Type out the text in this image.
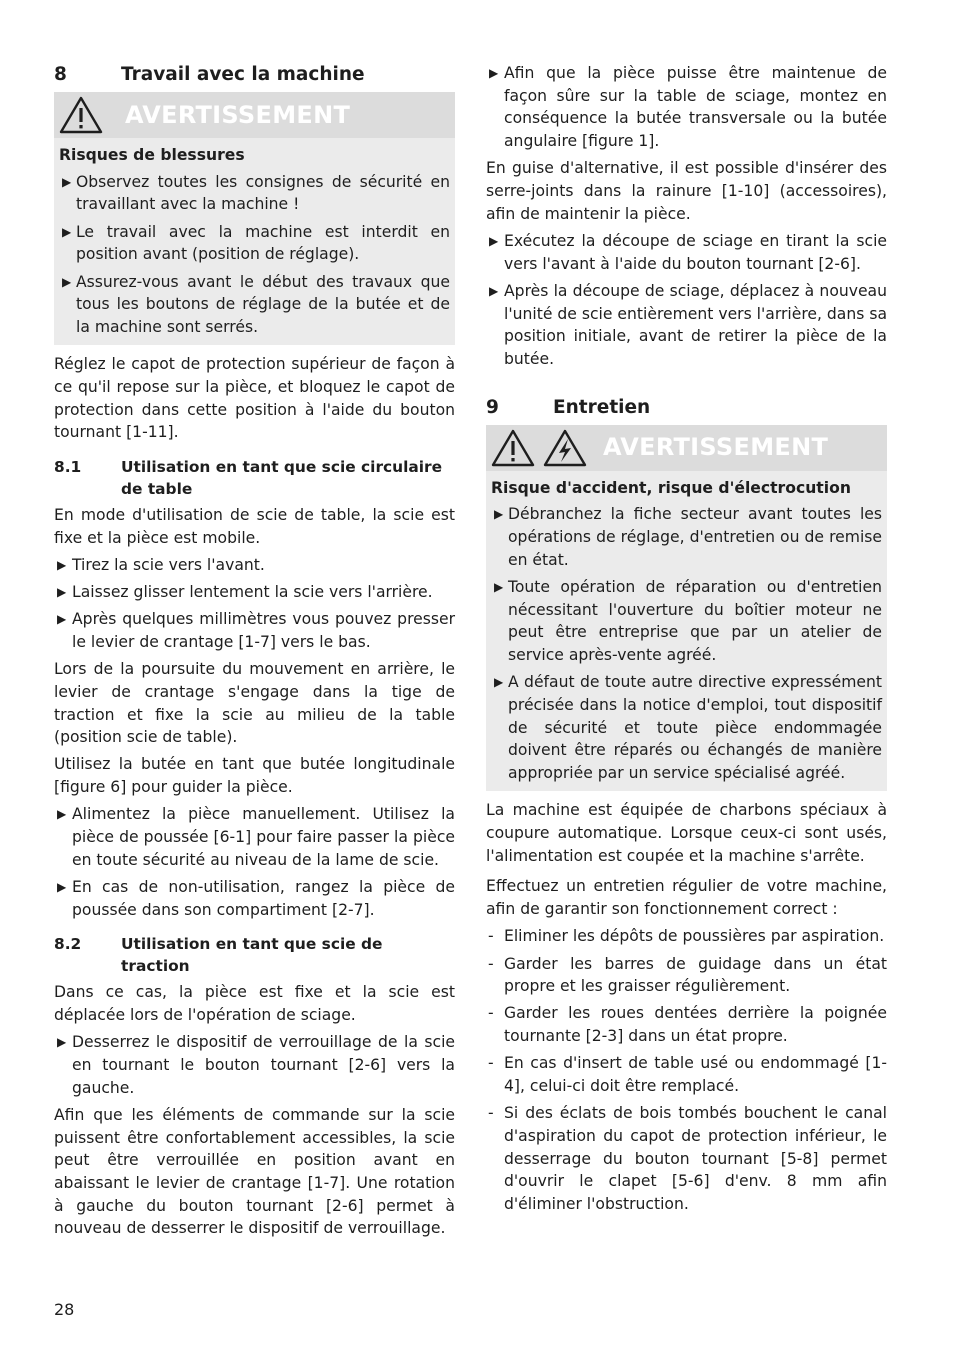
8	Travail avec la machine
AVERTISSEMENT
Risques de blessures
▶ Observez toutes les consignes de sécurité en travaillant avec la machine !
▶ Le travail avec la machine est interdit en position avant (position de réglage).
▶ Assurez-vous avant le début des travaux que tous les boutons de réglage de la butée et de la machine sont serrés.

Réglez le capot de protection supérieur de façon à ce qu'il repose sur la pièce, et bloquez le capot de protection dans cette position à l'aide du bouton tournant [1-11].

8.1	Utilisation en tant que scie circulaire de table

En mode d'utilisation de scie de table, la scie est fixe et la pièce est mobile.

▶ Tirez la scie vers l'avant.
▶ Laissez glisser lentement la scie vers l'arrière.
▶ Après quelques millimètres vous pouvez presser le levier de crantage [1-7] vers le bas.

Lors de la poursuite du mouvement en arrière, le levier de crantage s'engage dans la tige de traction et fixe la scie au milieu de la table (position scie de table).

Utilisez la butée en tant que butée longitudinale [figure 6] pour guider la pièce.

▶ Alimentez la pièce manuellement. Utilisez la pièce de poussée [6-1] pour faire passer la pièce en toute sécurité au niveau de la lame de scie.
▶ En cas de non-utilisation, rangez la pièce de poussée dans son compartiment [2-7].
8.2	Utilisation en tant que scie de traction

Dans ce cas, la pièce est fixe et la scie est déplacée lors de l'opération de sciage.

▶ Desserrez le dispositif de verrouillage de la scie en tournant le bouton tournant [2-6] vers la gauche.

Afin que les éléments de commande sur la scie puissent être confortablement accessibles, la scie peut être verrouillée en position avant en abaissant le levier de crantage [1-7]. Une rotation à gauche du bouton tournant [2-6] permet à nouveau de desserrer le dispositif de verrouillage.

▶ Afin que la pièce puisse être maintenue de façon sûre sur la table de sciage, montez en conséquence la butée transversale ou la butée angulaire [figure 1].

En guise d'alternative, il est possible d'insérer des serre-joints dans la rainure [1-10] (accessoires), afin de maintenir la pièce.

▶ Exécutez la découpe de sciage en tirant la scie vers l'avant à l'aide du bouton tournant [2-6].
▶ Après la découpe de sciage, déplacez à nouveau l'unité de scie entièrement vers l'arrière, dans sa position initiale, avant de retirer la pièce de la butée.
9	Entretien
AVERTISSEMENT
Risque d'accident, risque d'électrocution
▶ Débranchez la fiche secteur avant toutes les opérations de réglage, d'entretien ou de remise en état.
▶ Toute opération de réparation ou d'entretien nécessitant l'ouverture du boîtier moteur ne peut être entreprise que par un atelier de service après-vente agréé.
▶ A défaut de toute autre directive expressément précisée dans la notice d'emploi, tout dispositif de sécurité et toute pièce endommagée doivent être réparés ou échangés de manière appropriée par un service spécialisé agréé.

La machine est équipée de charbons spéciaux à coupure automatique. Lorsque ceux-ci sont usés, l'alimentation est coupée et la machine s'arrête.

Effectuez un entretien régulier de votre machine, afin de garantir son fonctionnement correct :

- Eliminer les dépôts de poussières par aspiration.
- Garder les barres de guidage dans un état propre et les graisser régulièrement.
- Garder les roues dentées derrière la poignée tournante [2-3] dans un état propre.
- En cas d'insert de table usé ou endommagé [1-4], celui-ci doit être remplacé.
- Si des éclats de bois tombés bouchent le canal d'aspiration du capot de protection inférieur, le desserrage du bouton tournant [5-8] permet d'ouvrir le clapet [5-6] d'env. 8 mm afin d'éliminer l'obstruction.
28
